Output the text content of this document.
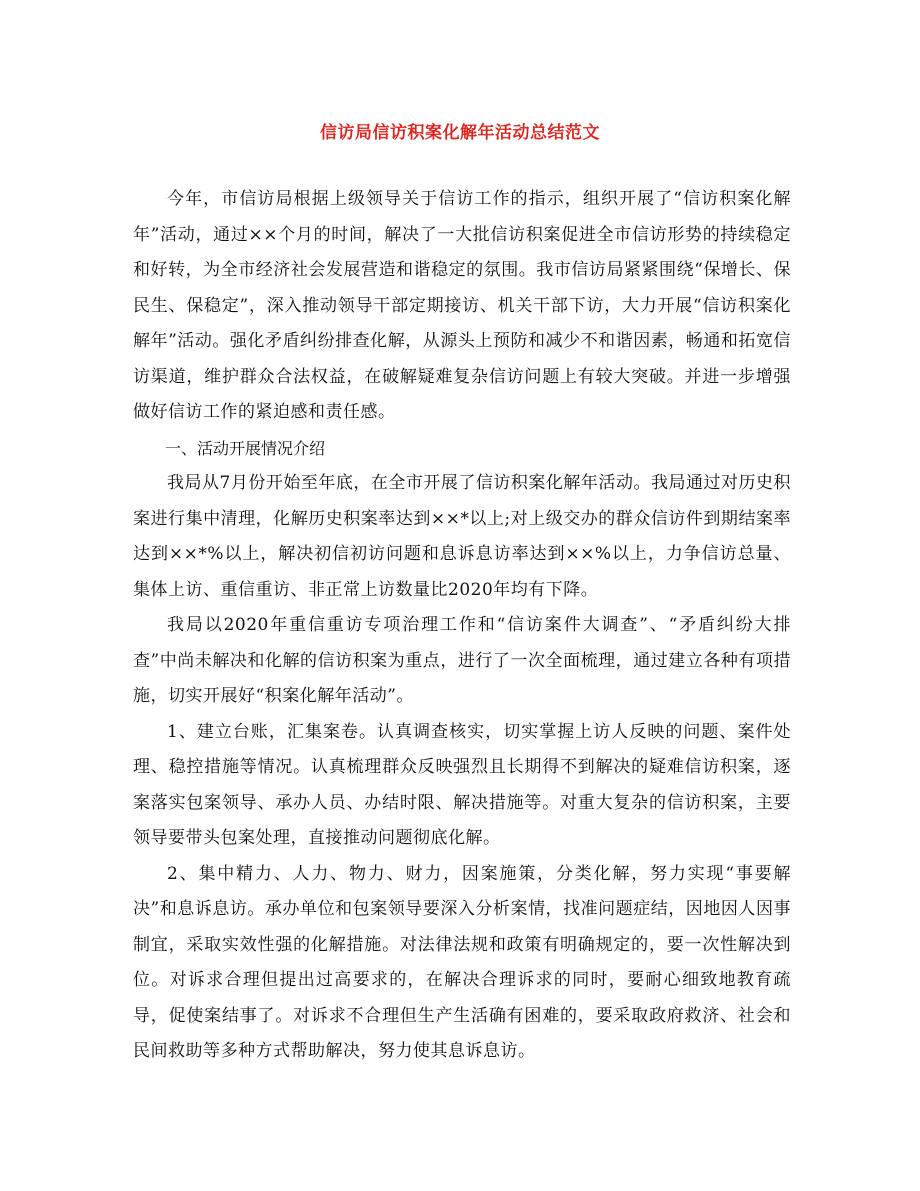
信访局信访积案化解年活动总结范文

今年，市信访局根据上级领导关于信访工作的指示，组织开展了“信访积案化解年”活动，通过××个月的时间，解决了一大批信访积案促进全市信访形势的持续稳定和好转，为全市经济社会发展营造和谐稳定的氛围。我市信访局紧紧围绕“保增长、保民生、保稳定”，深入推动领导干部定期接访、机关干部下访，大力开展“信访积案化解年”活动。强化矛盾纠纷排查化解，从源头上预防和减少不和谐因素，畅通和拓宽信访渠道，维护群众合法权益，在破解疑难复杂信访问题上有较大突破。并进一步增强做好信访工作的紧迫感和责任感。

一、活动开展情况介绍

我局从7月份开始至年底，在全市开展了信访积案化解年活动。我局通过对历史积案进行集中清理，化解历史积案率达到××*以上;对上级交办的群众信访件到期结案率达到××*%以上，解决初信初访问题和息诉息访率达到××%以上，力争信访总量、集体上访、重信重访、非正常上访数量比2020年均有下降。

我局以2020年重信重访专项治理工作和“信访案件大调查”、“矛盾纠纷大排查”中尚未解决和化解的信访积案为重点，进行了一次全面梳理，通过建立各种有项措施，切实开展好“积案化解年活动”。

1、建立台账，汇集案卷。认真调查核实，切实掌握上访人反映的问题、案件处理、稳控措施等情况。认真梳理群众反映强烈且长期得不到解决的疑难信访积案，逐案落实包案领导、承办人员、办结时限、解决措施等。对重大复杂的信访积案，主要领导要带头包案处理，直接推动问题彻底化解。

2、集中精力、人力、物力、财力，因案施策，分类化解，努力实现“事要解决”和息诉息访。承办单位和包案领导要深入分析案情，找准问题症结，因地因人因事制宜，采取实效性强的化解措施。对法律法规和政策有明确规定的，要一次性解决到位。对诉求合理但提出过高要求的，在解决合理诉求的同时，要耐心细致地教育疏导，促使案结事了。对诉求不合理但生产生活确有困难的，要采取政府救济、社会和民间救助等多种方式帮助解决，努力使其息诉息访。
